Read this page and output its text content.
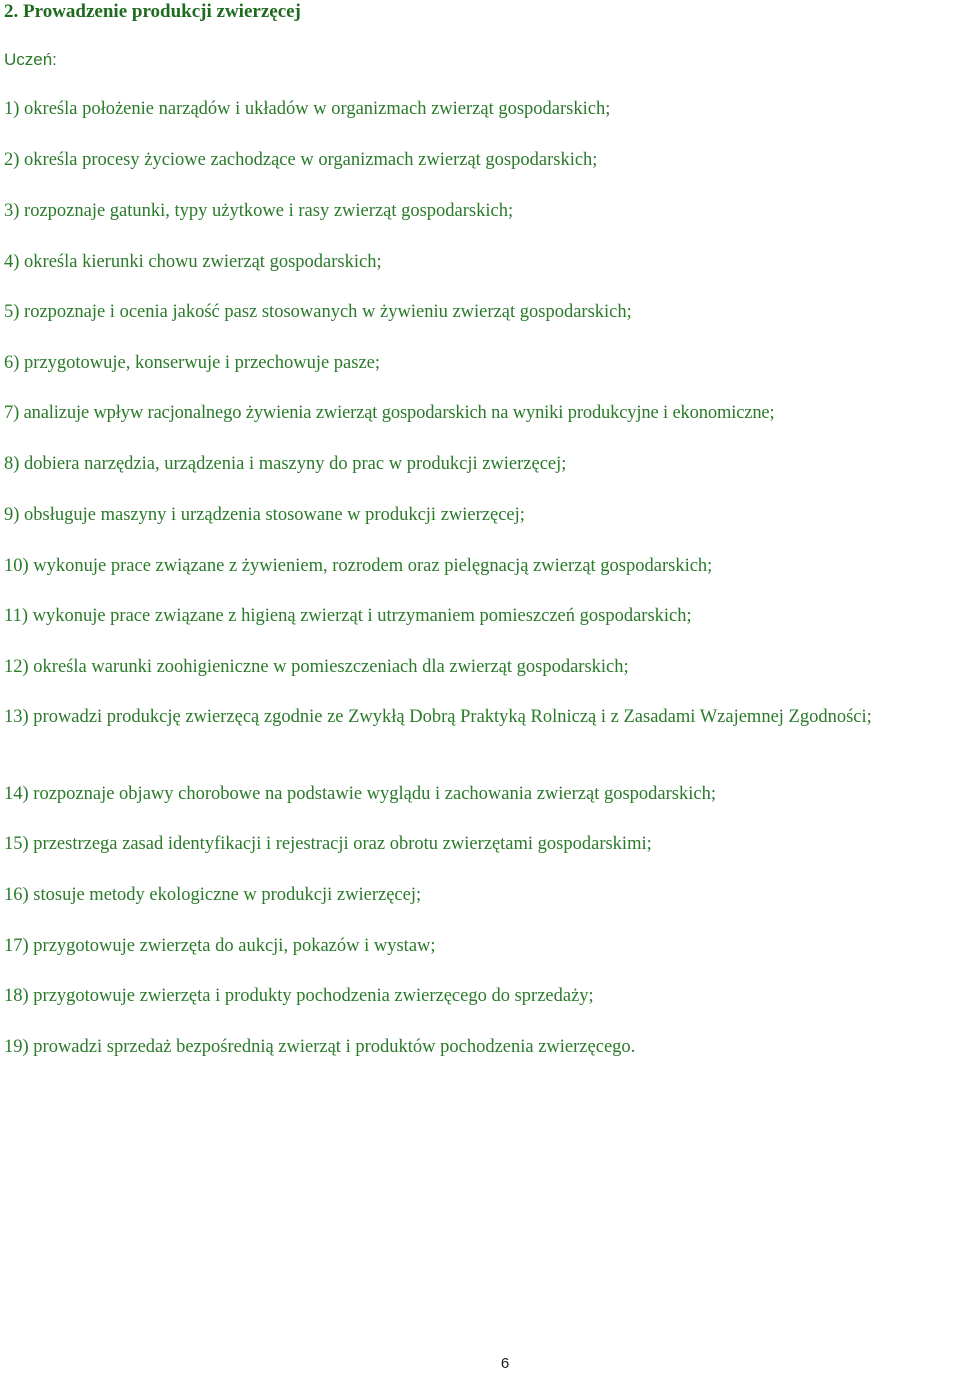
2. Prowadzenie produkcji zwierzęcej
Uczeń:
1) określa położenie narządów i układów w organizmach zwierząt gospodarskich;
2) określa procesy życiowe zachodzące w organizmach zwierząt gospodarskich;
3) rozpoznaje gatunki, typy użytkowe i rasy zwierząt gospodarskich;
4) określa kierunki chowu zwierząt gospodarskich;
5) rozpoznaje i ocenia jakość pasz stosowanych w żywieniu zwierząt gospodarskich;
6) przygotowuje, konserwuje i przechowuje pasze;
7) analizuje wpływ racjonalnego żywienia zwierząt gospodarskich na wyniki produkcyjne i ekonomiczne;
8) dobiera narzędzia, urządzenia i maszyny do prac w produkcji zwierzęcej;
9) obsługuje maszyny i urządzenia stosowane w produkcji zwierzęcej;
10) wykonuje prace związane z żywieniem, rozrodem oraz pielęgnacją zwierząt gospodarskich;
11) wykonuje prace związane z higieną zwierząt i utrzymaniem pomieszczeń gospodarskich;
12) określa warunki zoohigieniczne w pomieszczeniach dla zwierząt gospodarskich;
13) prowadzi produkcję zwierzęcą zgodnie ze Zwykłą Dobrą Praktyką Rolniczą i z Zasadami Wzajemnej Zgodności;
14) rozpoznaje objawy chorobowe na podstawie wyglądu i zachowania zwierząt gospodarskich;
15) przestrzega zasad identyfikacji i rejestracji oraz obrotu zwierzętami gospodarskimi;
16) stosuje metody ekologiczne w produkcji zwierzęcej;
17) przygotowuje zwierzęta do aukcji, pokazów i wystaw;
18) przygotowuje zwierzęta i produkty pochodzenia zwierzęcego do sprzedaży;
19) prowadzi sprzedaż bezpośrednią zwierząt i produktów pochodzenia zwierzęcego.
6
